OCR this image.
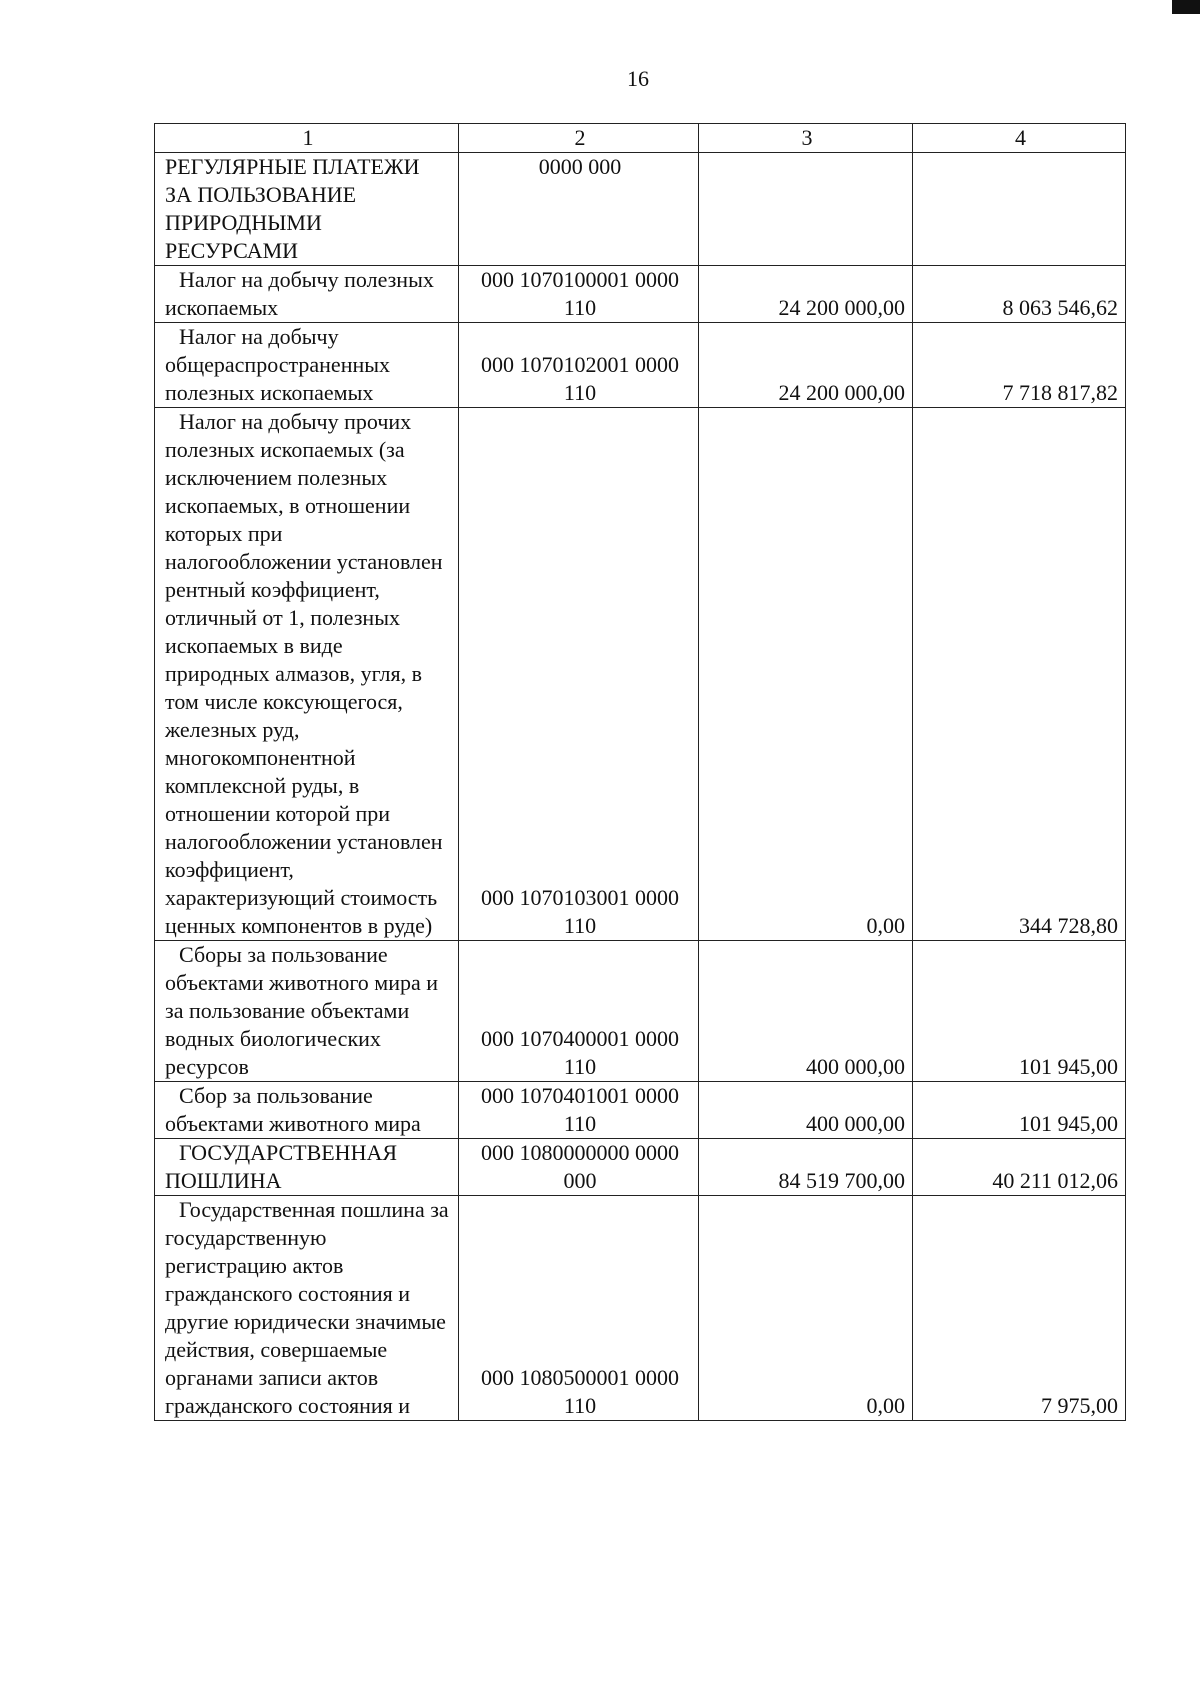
16
1	2	3	4
РЕГУЛЯРНЫЕ ПЛАТЕЖИ ЗА ПОЛЬЗОВАНИЕ ПРИРОДНЫМИ РЕСУРСАМИ	0000 000		
Налог на добычу полезных ископаемых	000 1070100001 0000 110	24 200 000,00	8 063 546,62
Налог на добычу общераспространенных полезных ископаемых	000 1070102001 0000 110	24 200 000,00	7 718 817,82
Налог на добычу прочих полезных ископаемых (за исключением полезных ископаемых, в отношении которых при налогообложении установлен рентный коэффициент, отличный от 1, полезных ископаемых в виде природных алмазов, угля, в том числе коксующегося, железных руд, многокомпонентной комплексной руды, в отношении которой при налогообложении установлен коэффициент, характеризующий стоимость ценных компонентов в руде)	000 1070103001 0000 110	0,00	344 728,80
Сборы за пользование объектами животного мира и за пользование объектами водных биологических ресурсов	000 1070400001 0000 110	400 000,00	101 945,00
Сбор за пользование объектами животного мира	000 1070401001 0000 110	400 000,00	101 945,00
ГОСУДАРСТВЕННАЯ ПОШЛИНА	000 1080000000 0000 000	84 519 700,00	40 211 012,06
Государственная пошлина за государственную регистрацию актов гражданского состояния и другие юридически значимые действия, совершаемые органами записи актов гражданского состояния и	000 1080500001 0000 110	0,00	7 975,00
